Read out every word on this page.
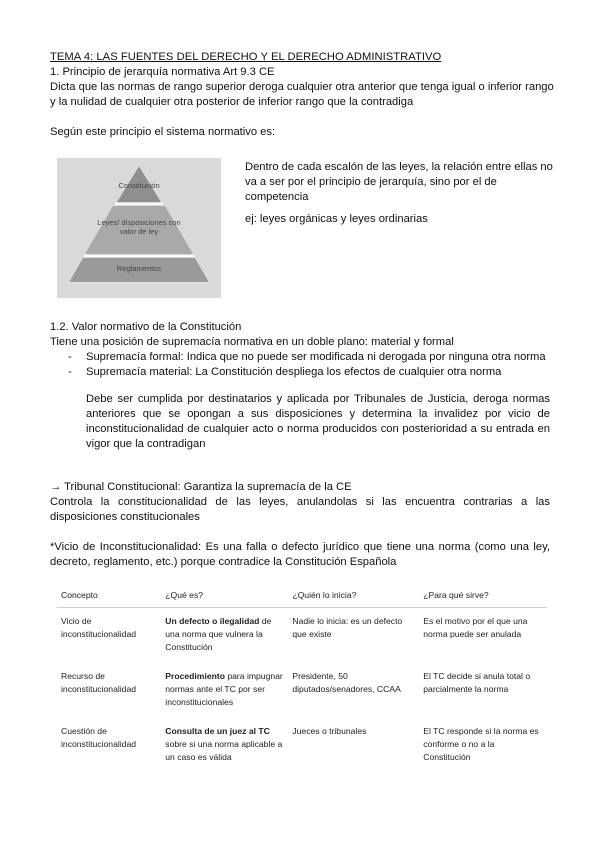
TEMA 4: LAS FUENTES DEL DERECHO Y EL DERECHO ADMINISTRATIVO
1. Principio de jerarquía normativa Art 9.3 CE
Dicta que las normas de rango superior deroga cualquier otra anterior que tenga igual o inferior rango
y la nulidad de cualquier otra posterior de inferior rango que la contradiga
Según este principio el sistema normativo es:
Constitución
Leyes/ disposiciones con valor de ley
Reglamentos
Dentro de cada escalón de las leyes, la relación entre ellas no va a ser por el principio de jerarquía, sino por el de competencia
ej: leyes orgánicas y leyes ordinarias
1.2. Valor normativo de la Constitución
Tiene una posición de supremacía normativa en un doble plano: material y formal
- Supremacía formal: Indica que no puede ser modificada ni derogada por ninguna otra norma
- Supremacía material: La Constitución despliega los efectos de cualquier otra norma
Debe ser cumplida por destinatarios y aplicada por Tribunales de Justicia, deroga normas anteriores que se opongan a sus disposiciones y determina la invalidez por vicio de inconstitucionalidad de cualquier acto o norma producidos con posterioridad a su entrada en vigor que la contradigan
→ Tribunal Constitucional: Garantiza la supremacía de la CE
Controla la constitucionalidad de las leyes, anulandolas si las encuentra contrarias a las disposiciones constitucionales
*Vicio de Inconstitucionalidad: Es una falla o defecto jurídico que tiene una norma (como una ley, decreto, reglamento, etc.) porque contradice la Constitución Española
Concepto	¿Qué es?	¿Quién lo inicia?	¿Para qué sirve?
Vicio de inconstitucionalidad	Un defecto o ilegalidad de una norma que vulnera la Constitución	Nadie lo inicia: es un defecto que existe	Es el motivo por el que una norma puede ser anulada
Recurso de inconstitucionalidad	Procedimiento para impugnar normas ante el TC por ser inconstitucionales	Presidente, 50 diputados/senadores, CCAA	El TC decide si anula total o parcialmente la norma
Cuestión de inconstitucionalidad	Consulta de un juez al TC sobre si una norma aplicable a un caso es válida	Jueces o tribunales	El TC responde si la norma es conforme o no a la Constitución
